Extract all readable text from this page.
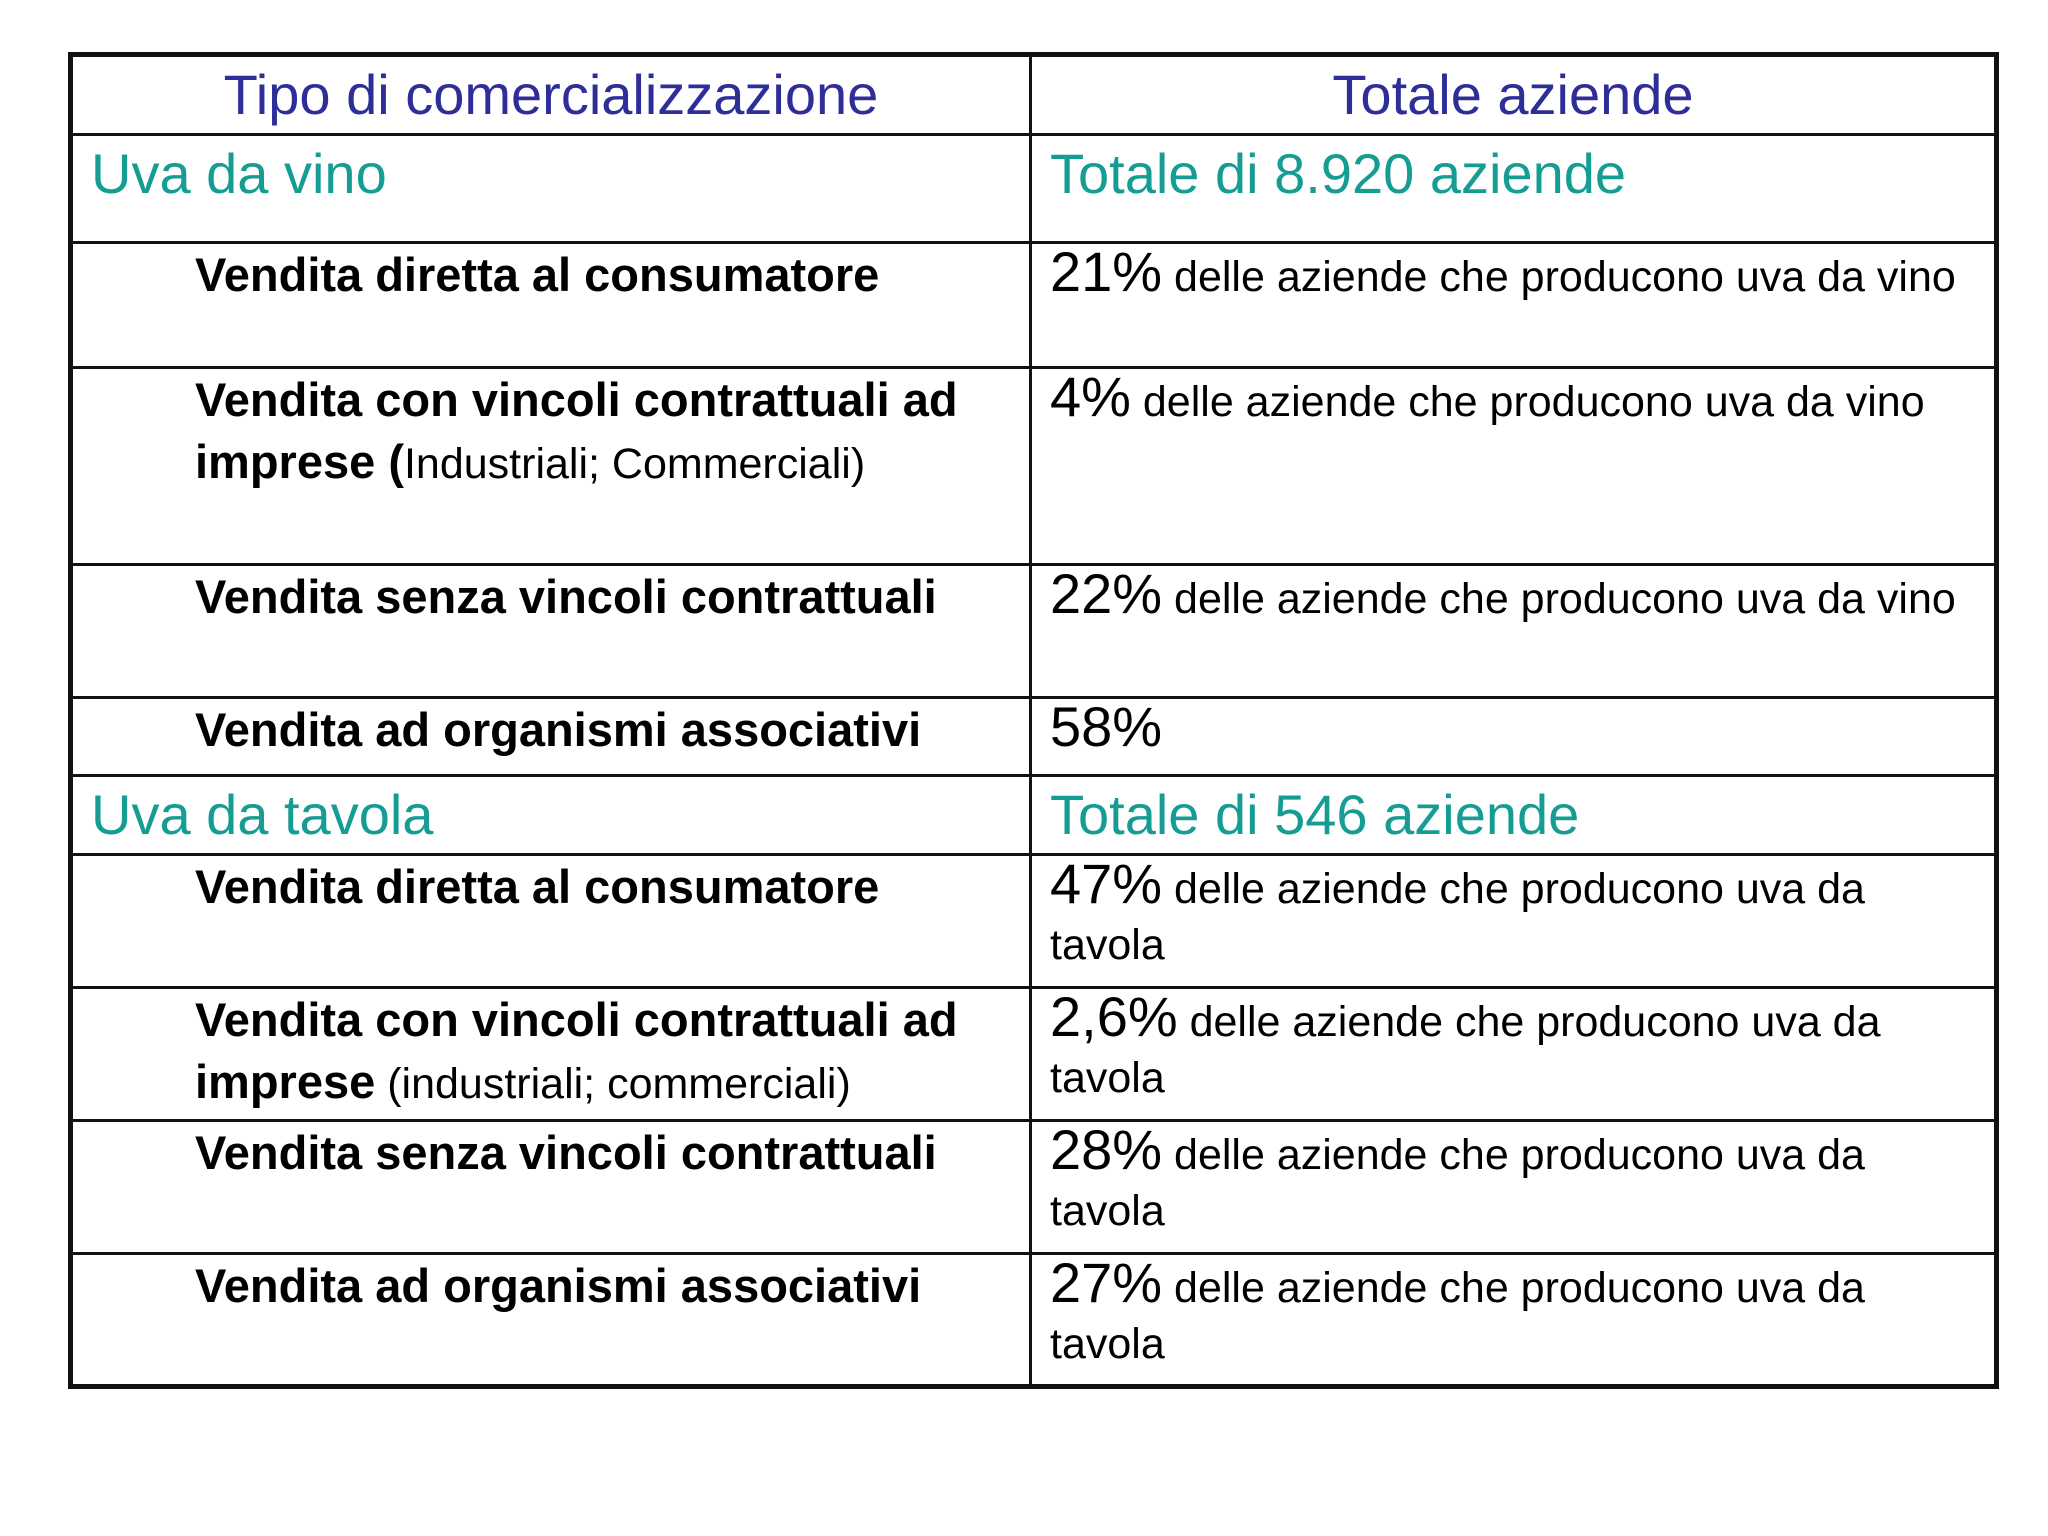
Tipo di comercializzazione	Totale aziende
Uva da vino	Totale di 8.920 aziende
Vendita diretta al consumatore	21% delle aziende che producono uva da vino
Vendita con vincoli contrattuali ad imprese (Industriali; Commerciali)	4% delle aziende che producono uva da vino
Vendita senza vincoli contrattuali	22% delle aziende che producono uva da vino
Vendita ad organismi associativi	58%
Uva da tavola	Totale di 546 aziende
Vendita diretta al consumatore	47% delle aziende che producono uva da tavola
Vendita con vincoli contrattuali ad imprese (industriali; commerciali)	2,6% delle aziende che producono uva da tavola
Vendita senza vincoli contrattuali	28% delle aziende che producono uva da tavola
Vendita ad organismi associativi	27% delle aziende che producono uva da tavola
